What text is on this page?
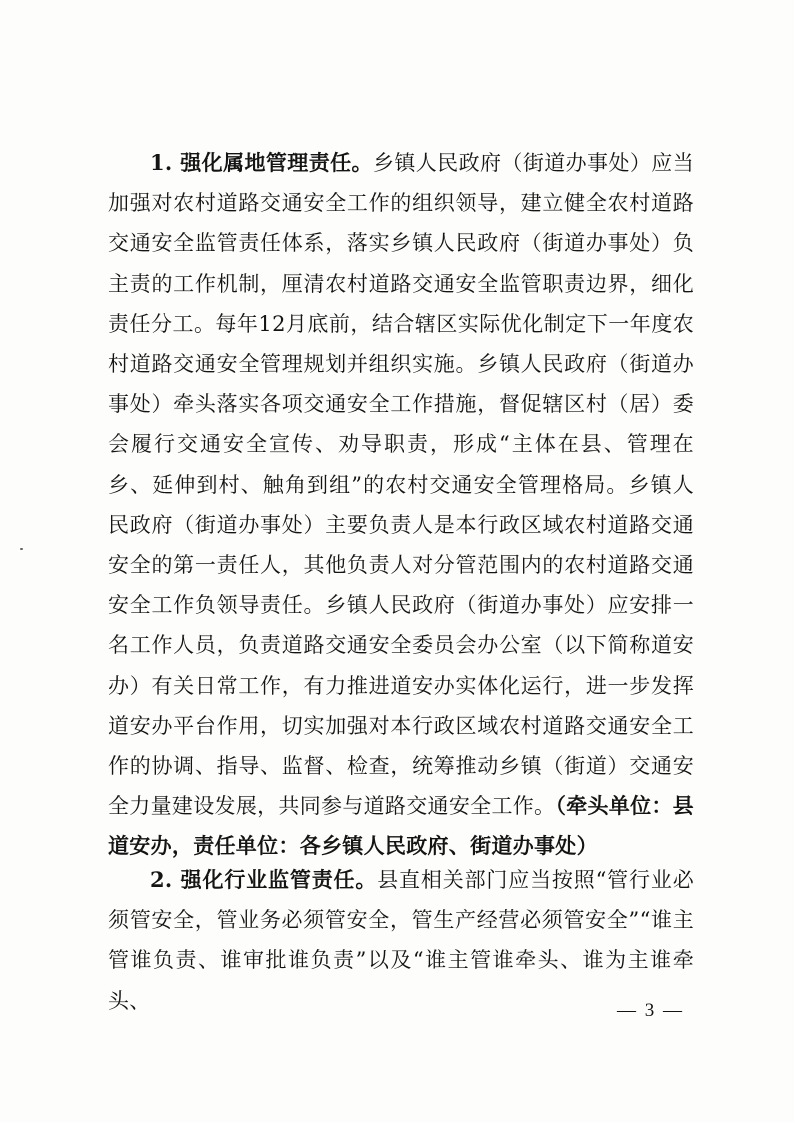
1. 强化属地管理责任。乡镇人民政府（街道办事处）应当加强对农村道路交通安全工作的组织领导，建立健全农村道路交通安全监管责任体系，落实乡镇人民政府（街道办事处）负主责的工作机制，厘清农村道路交通安全监管职责边界，细化责任分工。每年12月底前，结合辖区实际优化制定下一年度农村道路交通安全管理规划并组织实施。乡镇人民政府（街道办事处）牵头落实各项交通安全工作措施，督促辖区村（居）委会履行交通安全宣传、劝导职责，形成“主体在县、管理在乡、延伸到村、触角到组”的农村交通安全管理格局。乡镇人民政府（街道办事处）主要负责人是本行政区域农村道路交通安全的第一责任人，其他负责人对分管范围内的农村道路交通安全工作负领导责任。乡镇人民政府（街道办事处）应安排一名工作人员，负责道路交通安全委员会办公室（以下简称道安办）有关日常工作，有力推进道安办实体化运行，进一步发挥道安办平台作用，切实加强对本行政区域农村道路交通安全工作的协调、指导、监督、检查，统筹推动乡镇（街道）交通安全力量建设发展，共同参与道路交通安全工作。（牵头单位：县道安办，责任单位：各乡镇人民政府、街道办事处）
2. 强化行业监管责任。县直相关部门应当按照“管行业必须管安全，管业务必须管安全，管生产经营必须管安全”“谁主管谁负责、谁审批谁负责”以及“谁主管谁牵头、谁为主谁牵头、	— 3 —
